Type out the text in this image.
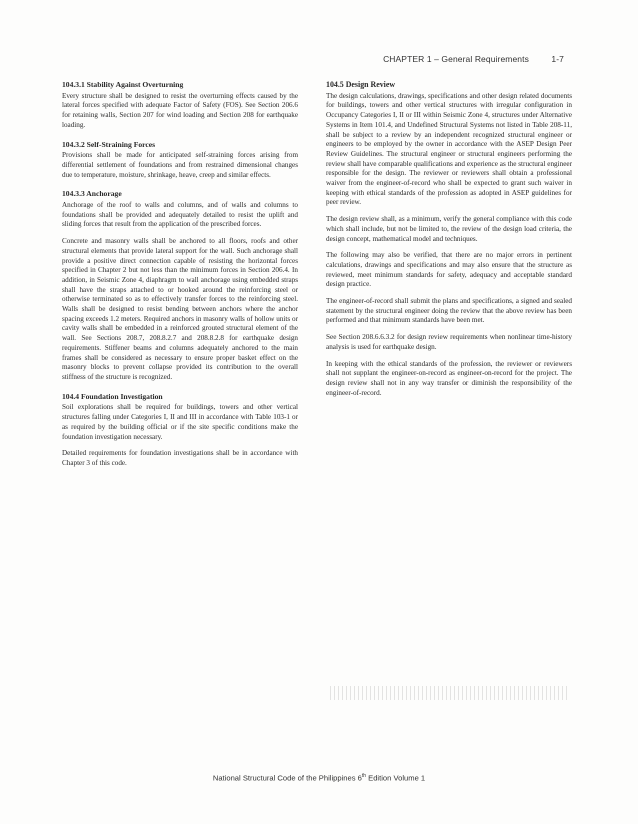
CHAPTER 1 – General Requirements	1-7
104.3.1 Stability Against Overturning

Every structure shall be designed to resist the overturning effects caused by the lateral forces specified with adequate Factor of Safety (FOS). See Section 206.6 for retaining walls, Section 207 for wind loading and Section 208 for earthquake loading.

104.3.2 Self-Straining Forces

Provisions shall be made for anticipated self-straining forces arising from differential settlement of foundations and from restrained dimensional changes due to temperature, moisture, shrinkage, heave, creep and similar effects.

104.3.3 Anchorage

Anchorage of the roof to walls and columns, and of walls and columns to foundations shall be provided and adequately detailed to resist the uplift and sliding forces that result from the application of the prescribed forces.

Concrete and masonry walls shall be anchored to all floors, roofs and other structural elements that provide lateral support for the wall. Such anchorage shall provide a positive direct connection capable of resisting the horizontal forces specified in Chapter 2 but not less than the minimum forces in Section 206.4. In addition, in Seismic Zone 4, diaphragm to wall anchorage using embedded straps shall have the straps attached to or hooked around the reinforcing steel or otherwise terminated so as to effectively transfer forces to the reinforcing steel. Walls shall be designed to resist bending between anchors where the anchor spacing exceeds 1.2 meters. Required anchors in masonry walls of hollow units or cavity walls shall be embedded in a reinforced grouted structural element of the wall. See Sections 208.7, 208.8.2.7 and 208.8.2.8 for earthquake design requirements. Stiffener beams and columns adequately anchored to the main frames shall be considered as necessary to ensure proper basket effect on the masonry blocks to prevent collapse provided its contribution to the overall stiffness of the structure is recognized.

104.4 Foundation Investigation

Soil explorations shall be required for buildings, towers and other vertical structures falling under Categories I, II and III in accordance with Table 103-1 or as required by the building official or if the site specific conditions make the foundation investigation necessary.

Detailed requirements for foundation investigations shall be in accordance with Chapter 3 of this code.

104.5 Design Review

The design calculations, drawings, specifications and other design related documents for buildings, towers and other vertical structures with irregular configuration in Occupancy Categories I, II or III within Seismic Zone 4, structures under Alternative Systems in Item 101.4, and Undefined Structural Systems not listed in Table 208-11, shall be subject to a review by an independent recognized structural engineer or engineers to be employed by the owner in accordance with the ASEP Design Peer Review Guidelines. The structural engineer or structural engineers performing the review shall have comparable qualifications and experience as the structural engineer responsible for the design. The reviewer or reviewers shall obtain a professional waiver from the engineer-of-record who shall be expected to grant such waiver in keeping with ethical standards of the profession as adopted in ASEP guidelines for peer review.

The design review shall, as a minimum, verify the general compliance with this code which shall include, but not be limited to, the review of the design load criteria, the design concept, mathematical model and techniques.

The following may also be verified, that there are no major errors in pertinent calculations, drawings and specifications and may also ensure that the structure as reviewed, meet minimum standards for safety, adequacy and acceptable standard design practice.

The engineer-of-record shall submit the plans and specifications, a signed and sealed statement by the structural engineer doing the review that the above review has been performed and that minimum standards have been met.

See Section 208.6.6.3.2 for design review requirements when nonlinear time-history analysis is used for earthquake design.

In keeping with the ethical standards of the profession, the reviewer or reviewers shall not supplant the engineer-on-record as engineer-on-record for the project. The design review shall not in any way transfer or diminish the responsibility of the engineer-of-record.

National Structural Code of the Philippines 6th Edition Volume 1
